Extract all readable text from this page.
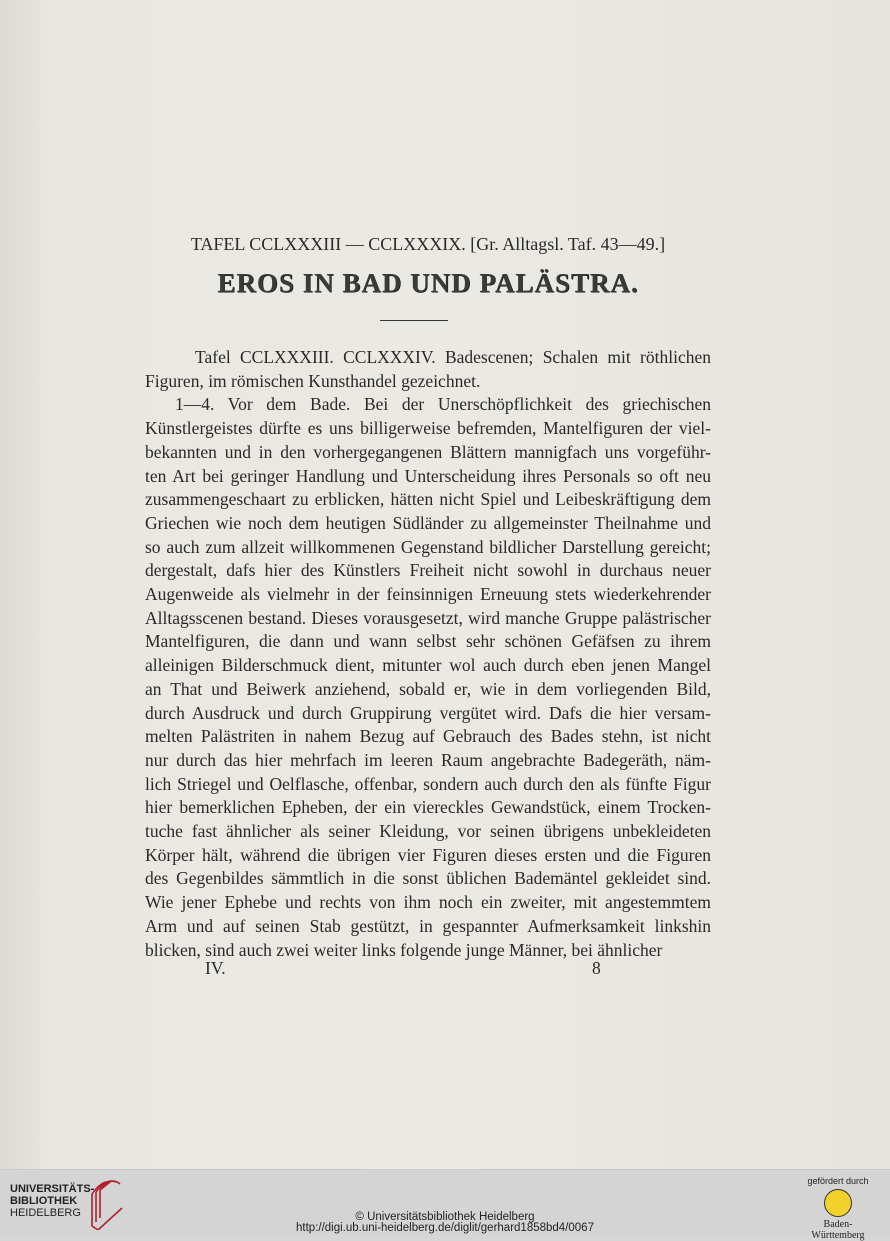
TAFEL CCLXXXIII — CCLXXXIX. [Gr. Alltagsl. Taf. 43—49.]
EROS IN BAD UND PALÄSTRA.
Tafel CCLXXXIII. CCLXXXIV. Badescenen; Schalen mit röthlichen
Figuren, im römischen Kunsthandel gezeichnet.
1—4. Vor dem Bade. Bei der Unerschöpflichkeit des griechischen
Künstlergeistes dürfte es uns billigerweise befremden, Mantelfiguren der viel-
bekannten und in den vorhergegangenen Blättern mannigfach uns vorgeführ-
ten Art bei geringer Handlung und Unterscheidung ihres Personals so oft neu
zusammengeschaart zu erblicken, hätten nicht Spiel und Leibeskräftigung dem
Griechen wie noch dem heutigen Südländer zu allgemeinster Theilnahme und
so auch zum allzeit willkommenen Gegenstand bildlicher Darstellung gereicht;
dergestalt, dafs hier des Künstlers Freiheit nicht sowohl in durchaus neuer
Augenweide als vielmehr in der feinsinnigen Erneuung stets wiederkehrender
Alltagsscenen bestand. Dieses vorausgesetzt, wird manche Gruppe palästrischer
Mantelfiguren, die dann und wann selbst sehr schönen Gefäfsen zu ihrem
alleinigen Bilderschmuck dient, mitunter wol auch durch eben jenen Mangel
an That und Beiwerk anziehend, sobald er, wie in dem vorliegenden Bild,
durch Ausdruck und durch Gruppirung vergütet wird. Dafs die hier versam-
melten Palästriten in nahem Bezug auf Gebrauch des Bades stehn, ist nicht
nur durch das hier mehrfach im leeren Raum angebrachte Badegeräth, näm-
lich Striegel und Oelflasche, offenbar, sondern auch durch den als fünfte Figur
hier bemerklichen Epheben, der ein viereckles Gewandstück, einem Trocken-
tuche fast ähnlicher als seiner Kleidung, vor seinen übrigens unbekleideten
Körper hält, während die übrigen vier Figuren dieses ersten und die Figuren
des Gegenbildes sämmtlich in die sonst üblichen Bademäntel gekleidet sind.
Wie jener Ephebe und rechts von ihm noch ein zweiter, mit angestemmtem
Arm und auf seinen Stab gestützt, in gespannter Aufmerksamkeit linkshin
blicken, sind auch zwei weiter links folgende junge Männer, bei ähnlicher
IV.	8
UNIVERSITÄTS-
BIBLIOTHEK
HEIDELBERG	© Universitätsbibliothek Heidelberg
http://digi.ub.uni-heidelberg.de/diglit/gerhard1858bd4/0067
gefördert durch
Baden-Württemberg
